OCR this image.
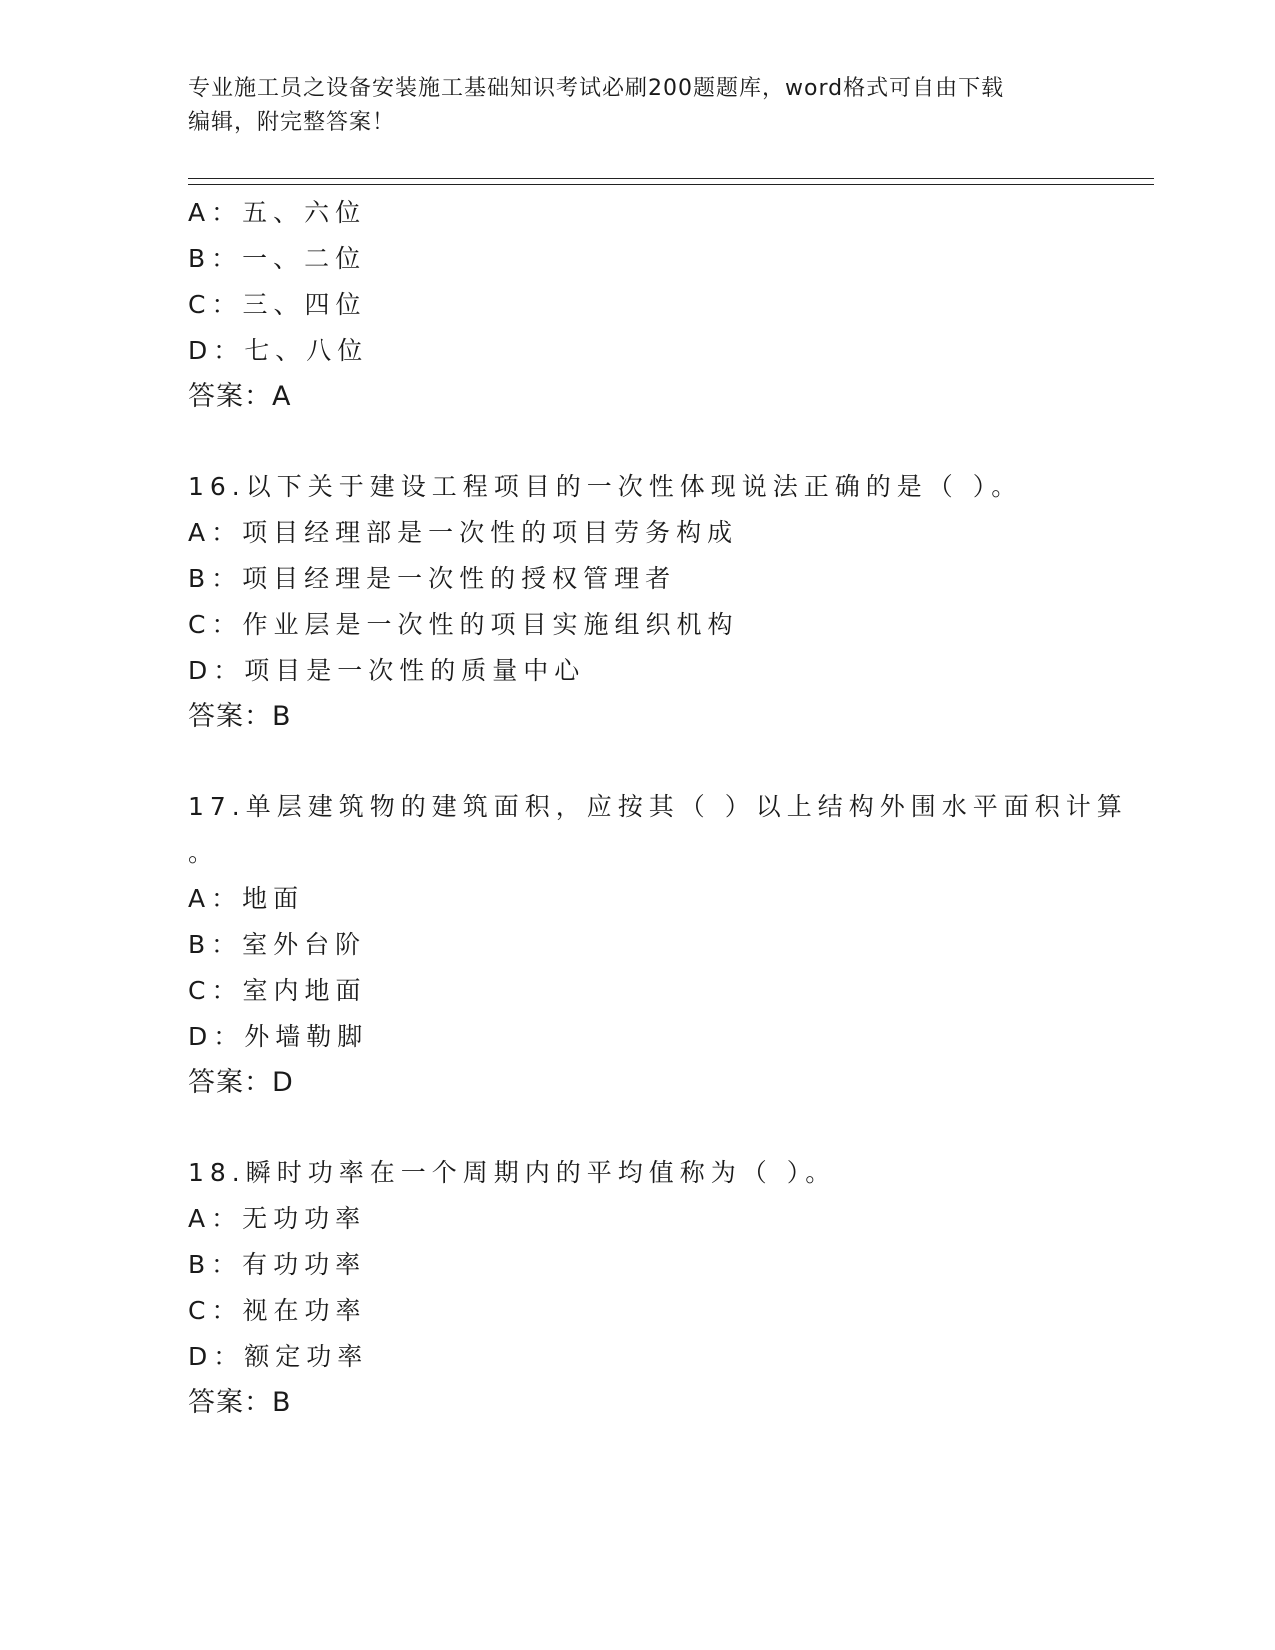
专业施工员之设备安装施工基础知识考试必刷200题题库，word格式可自由下载
编辑，附完整答案！
A：五、六位
B：一、二位
C：三、四位
D：七、八位
答案：A
16.以下关于建设工程项目的一次性体现说法正确的是（ ）。
A：项目经理部是一次性的项目劳务构成
B：项目经理是一次性的授权管理者
C：作业层是一次性的项目实施组织机构
D：项目是一次性的质量中心
答案：B
17.单层建筑物的建筑面积，应按其（ ）以上结构外围水平面积计算
。
A：地面
B：室外台阶
C：室内地面
D：外墙勒脚
答案：D
18.瞬时功率在一个周期内的平均值称为（ ）。
A：无功功率
B：有功功率
C：视在功率
D：额定功率
答案：B
